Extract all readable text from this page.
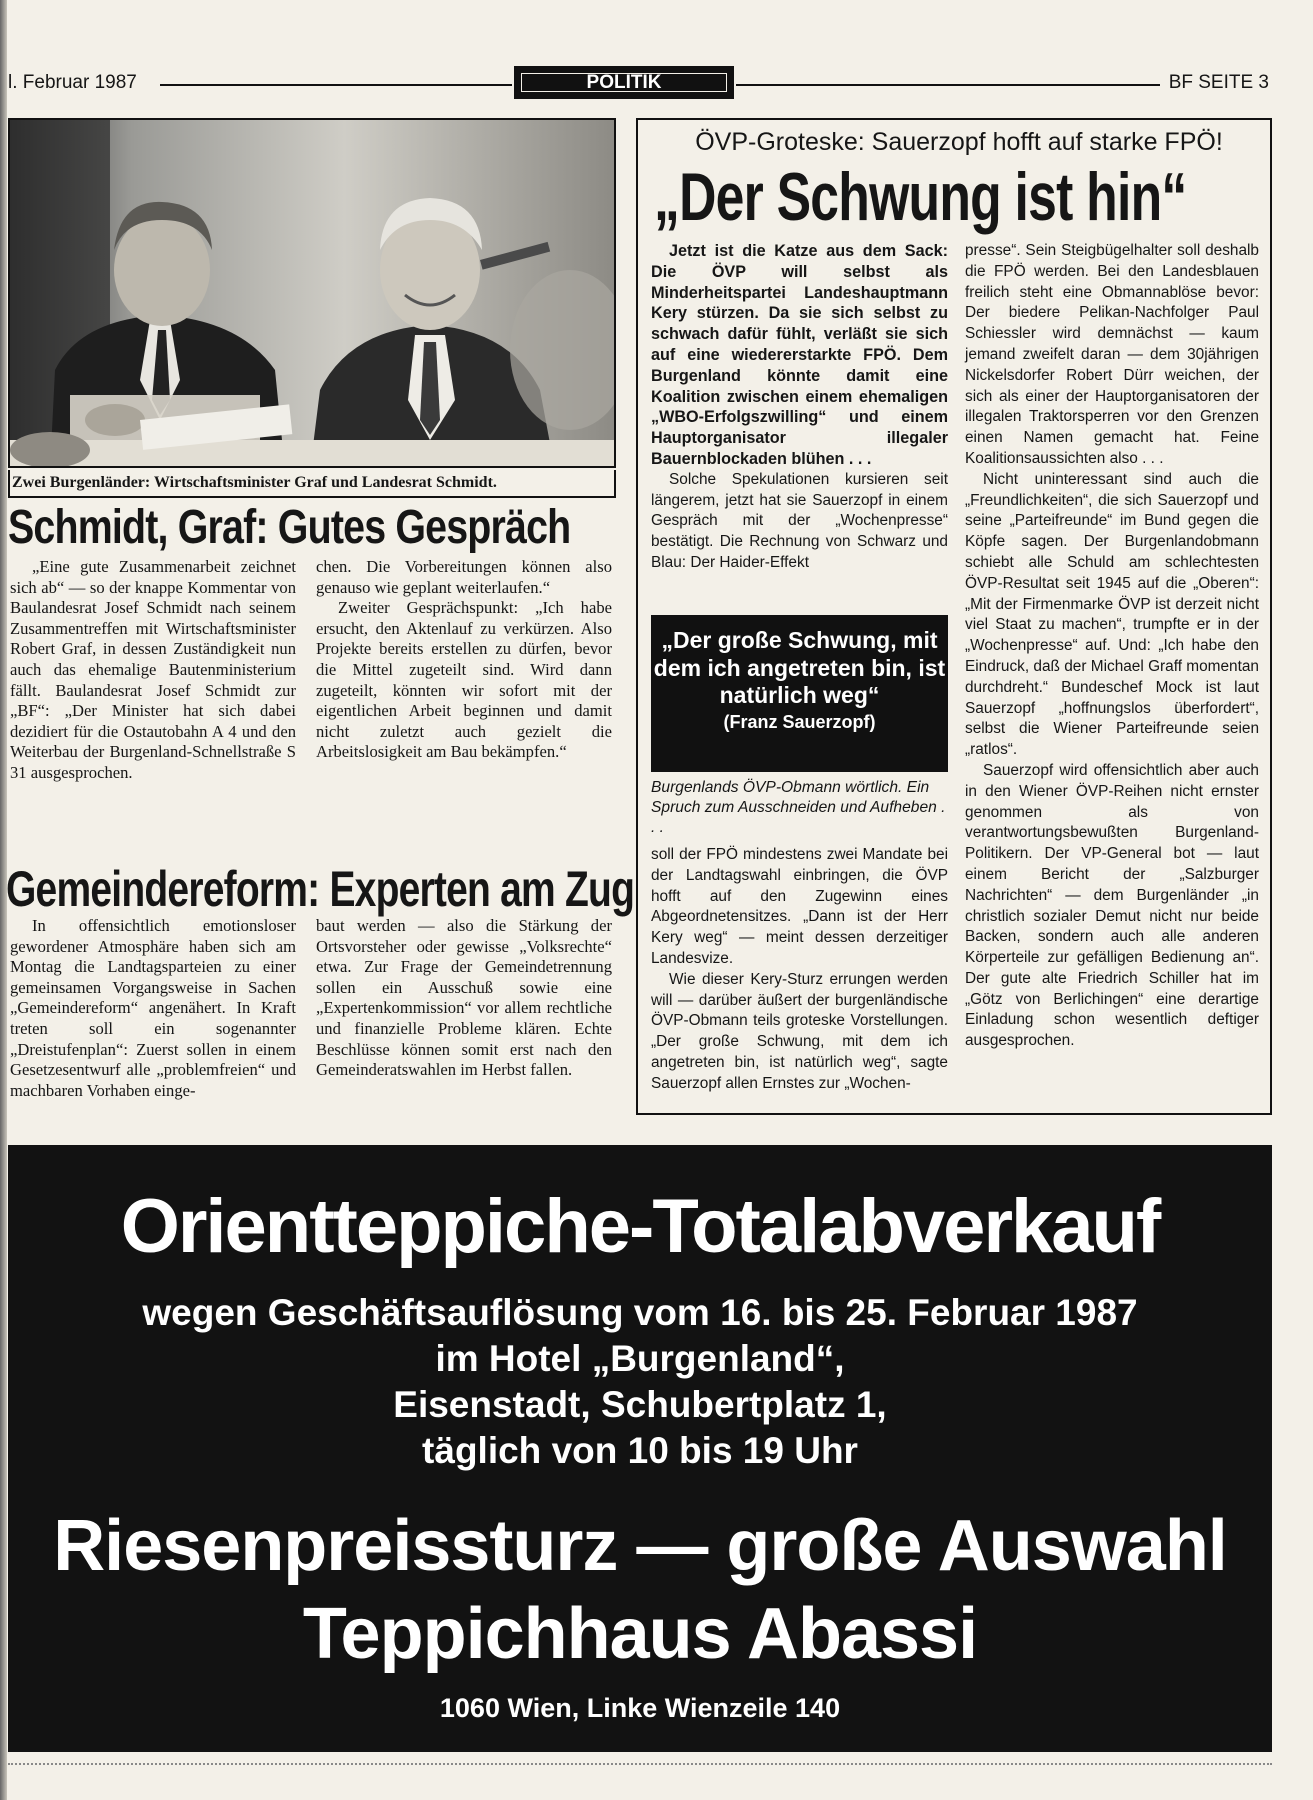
l. Februar 1987	POLITIK	BF SEITE 3
Zwei Burgenländer: Wirtschaftsminister Graf und Landesrat Schmidt.
Schmidt, Graf: Gutes Gespräch

„Eine gute Zusammenarbeit zeichnet sich ab“ — so der knappe Kommentar von Baulandesrat Josef Schmidt nach seinem Zusammentreffen mit Wirtschaftsminister Robert Graf, in dessen Zuständigkeit nun auch das ehemalige Bautenministerium fällt. Baulandesrat Josef Schmidt zur „BF“: „Der Minister hat sich dabei dezidiert für die Ostautobahn A 4 und den Weiterbau der Burgenland-Schnellstraße S 31 ausgesprochen.

chen. Die Vorbereitungen können also genauso wie geplant weiterlaufen.“

Zweiter Gesprächspunkt: „Ich habe ersucht, den Aktenlauf zu verkürzen. Also Projekte bereits erstellen zu dürfen, bevor die Mittel zugeteilt sind. Wird dann zugeteilt, könnten wir sofort mit der eigentlichen Arbeit beginnen und damit nicht zuletzt auch gezielt die Arbeitslosigkeit am Bau bekämpfen.“

Gemeindereform: Experten am Zug

In offensichtlich emotionsloser gewordener Atmosphäre haben sich am Montag die Landtagsparteien zu einer gemeinsamen Vorgangsweise in Sachen „Gemeindereform“ angenähert. In Kraft treten soll ein sogenannter „Dreistufenplan“: Zuerst sollen in einem Gesetzesentwurf alle „problemfreien“ und machbaren Vorhaben einge-

baut werden — also die Stärkung der Ortsvorsteher oder gewisse „Volksrechte“ etwa. Zur Frage der Gemeindetrennung sollen ein Ausschuß sowie eine „Expertenkommission“ vor allem rechtliche und finanzielle Probleme klären. Echte Beschlüsse können somit erst nach den Gemeinderatswahlen im Herbst fallen.

ÖVP-Groteske: Sauerzopf hofft auf starke FPÖ!
„Der Schwung ist hin“

Jetzt ist die Katze aus dem Sack: Die ÖVP will selbst als Minderheitspartei Landeshauptmann Kery stürzen. Da sie sich selbst zu schwach dafür fühlt, verläßt sie sich auf eine wiedererstarkte FPÖ. Dem Burgenland könnte damit eine Koalition zwischen einem ehemaligen „WBO-Erfolgszwilling“ und einem Hauptorganisator illegaler Bauernblockaden blühen . . .

Solche Spekulationen kursieren seit längerem, jetzt hat sie Sauerzopf in einem Gespräch mit der „Wochenpresse“ bestätigt. Die Rechnung von Schwarz und Blau: Der Haider-Effekt

„Der große Schwung, mit dem ich angetreten bin, ist natürlich weg“
(Franz Sauerzopf)
Burgenlands ÖVP-Obmann wörtlich. Ein Spruch zum Ausschneiden und Aufheben . . .

soll der FPÖ mindestens zwei Mandate bei der Landtagswahl einbringen, die ÖVP hofft auf den Zugewinn eines Abgeordnetensitzes. „Dann ist der Herr Kery weg“ — meint dessen derzeitiger Landesvize.

Wie dieser Kery-Sturz errungen werden will — darüber äußert der burgenländische ÖVP-Obmann teils groteske Vorstellungen. „Der große Schwung, mit dem ich angetreten bin, ist natürlich weg“, sagte Sauerzopf allen Ernstes zur „Wochen-

presse“. Sein Steigbügelhalter soll deshalb die FPÖ werden. Bei den Landesblauen freilich steht eine Obmannablöse bevor: Der biedere Pelikan-Nachfolger Paul Schiessler wird demnächst — kaum jemand zweifelt daran — dem 30jährigen Nickelsdorfer Robert Dürr weichen, der sich als einer der Hauptorganisatoren der illegalen Traktorsperren vor den Grenzen einen Namen gemacht hat. Feine Koalitionsaussichten also . . .

Nicht uninteressant sind auch die „Freundlichkeiten“, die sich Sauerzopf und seine „Parteifreunde“ im Bund gegen die Köpfe sagen. Der Burgenlandobmann schiebt alle Schuld am schlechtesten ÖVP-Resultat seit 1945 auf die „Oberen“: „Mit der Firmenmarke ÖVP ist derzeit nicht viel Staat zu machen“, trumpfte er in der „Wochenpresse“ auf. Und: „Ich habe den Eindruck, daß der Michael Graff momentan durchdreht.“ Bundeschef Mock ist laut Sauerzopf „hoffnungslos überfordert“, selbst die Wiener Parteifreunde seien „ratlos“.

Sauerzopf wird offensichtlich aber auch in den Wiener ÖVP-Reihen nicht ernster genommen als von verantwortungsbewußten Burgenland-Politikern. Der VP-General bot — laut einem Bericht der „Salzburger Nachrichten“ — dem Burgenländer „in christlich sozialer Demut nicht nur beide Backen, sondern auch alle anderen Körperteile zur gefälligen Bedienung an“. Der gute alte Friedrich Schiller hat im „Götz von Berlichingen“ eine derartige Einladung schon wesentlich deftiger ausgesprochen.

Orientteppiche-Totalabverkauf
wegen Geschäftsauflösung vom 16. bis 25. Februar 1987
im Hotel „Burgenland“,
Eisenstadt, Schubertplatz 1,
täglich von 10 bis 19 Uhr
Riesenpreissturz — große Auswahl
Teppichhaus Abassi
1060 Wien, Linke Wienzeile 140
